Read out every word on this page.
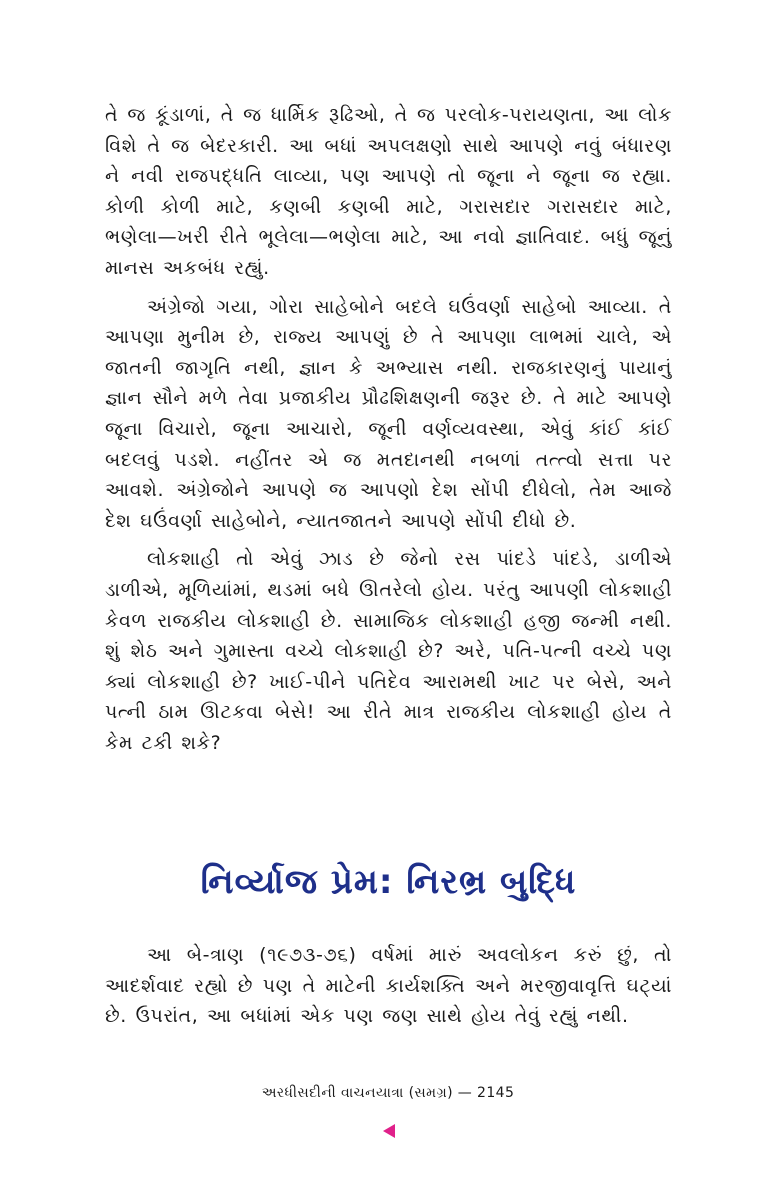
તે જ કૂંડાળાં, તે જ ધાર્મિક રૂઢિઓ, તે જ પરલોક-પરાયણતા, આ લોક વિશે તે જ બેદરકારી. આ બધાં અપલક્ષણો સાથે આપણે નવું બંધારણ ને નવી રાજપદ્ધતિ લાવ્યા, પણ આપણે તો જૂના ને જૂના જ રહ્યા. કોળી કોળી માટે, કણબી કણબી માટે, ગરાસદાર ગરાસદાર માટે, ભણેલા—ખરી રીતે ભૂલેલા—ભણેલા માટે, આ નવો જ્ઞાતિવાદ. બધું જૂનું માનસ અકબંધ રહ્યું.

અંગ્રેજો ગયા, ગોરા સાહેબોને બદલે ઘઉંવર્ણા સાહેબો આવ્યા. તે આપણા મુનીમ છે, રાજ્ય આપણું છે તે આપણા લાભમાં ચાલે, એ જાતની જાગૃતિ નથી, જ્ઞાન કે અભ્યાસ નથી. રાજકારણનું પાયાનું જ્ઞાન સૌને મળે તેવા પ્રજાકીય પ્રૌઢશિક્ષણની જરૂર છે. તે માટે આપણે જૂના વિચારો, જૂના આચારો, જૂની વર્ણવ્યવસ્થા, એવું કાંઈ કાંઈ બદલવું પડશે. નહીંતર એ જ મતદાનથી નબળાં તત્ત્વો સત્તા પર આવશે. અંગ્રેજોને આપણે જ આપણો દેશ સોંપી દીધેલો, તેમ આજે દેશ ઘઉંવર્ણા સાહેબોને, ન્યાતજાતને આપણે સોંપી દીધો છે.

લોકશાહી તો એવું ઝાડ છે જેનો રસ પાંદડે પાંદડે, ડાળીએ ડાળીએ, મૂળિયાંમાં, થડમાં બધે ઊતરેલો હોય. પરંતુ આપણી લોકશાહી કેવળ રાજકીય લોકશાહી છે. સામાજિક લોકશાહી હજી જન્મી નથી. શું શેઠ અને ગુમાસ્તા વચ્ચે લોકશાહી છે? અરે, પતિ-પત્ની વચ્ચે પણ ક્યાં લોકશાહી છે? ખાઈ-પીને પતિદેવ આરામથી ખાટ પર બેસે, અને પત્ની ઠામ ઊટકવા બેસે! આ રીતે માત્ર રાજકીય લોકશાહી હોય તે કેમ ટકી શકે?

નિર્વ્યાજ પ્રેમ: નિરભ્ર બુદ્ધિ

આ બે-ત્રાણ (૧૯૭૩-૭૬) વર્ષમાં મારું અવલોકન કરું છું, તો આદર્શવાદ રહ્યો છે પણ તે માટેની કાર્યશક્તિ અને મરજીવાવૃત્તિ ઘટ્યાં છે. ઉપરાંત, આ બધાંમાં એક પણ જણ સાથે હોય તેવું રહ્યું નથી.

અરધીસદીની વાચનયાત્રા (સમગ્ર) — 2145
